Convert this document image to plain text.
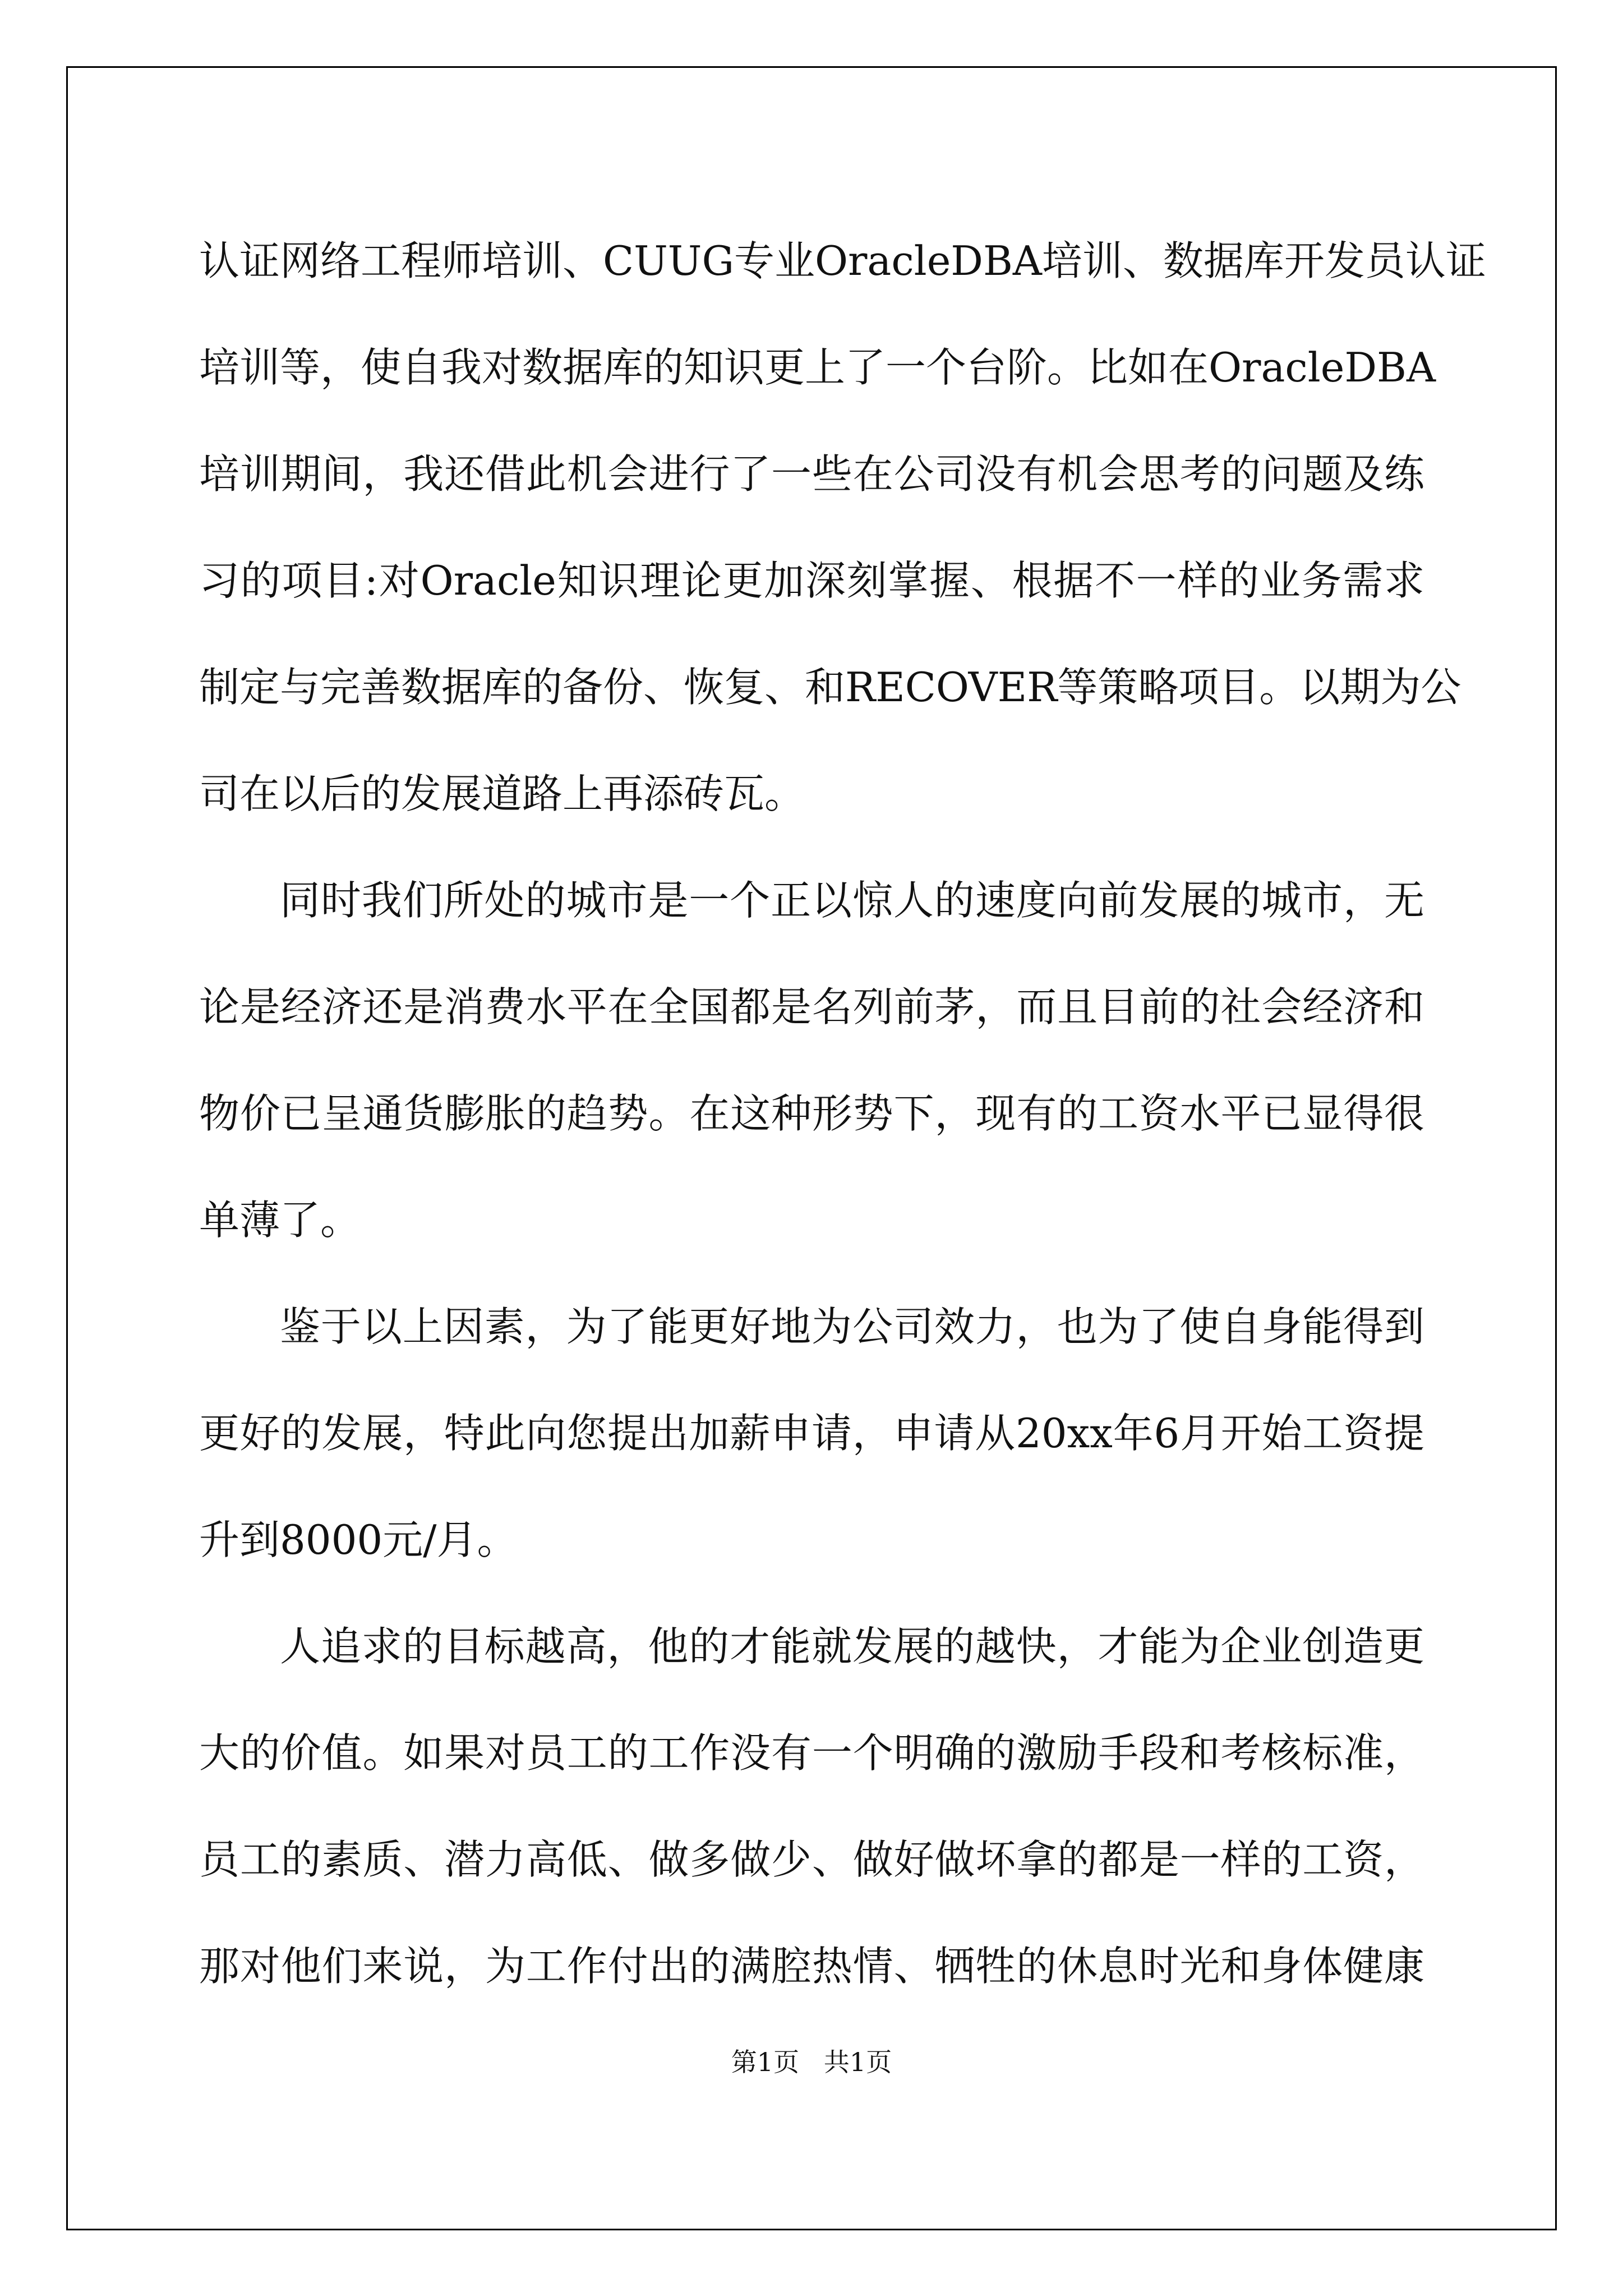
认证网络工程师培训、CUUG专业OracleDBA培训、数据库开发员认证
培训等，使自我对数据库的知识更上了一个台阶。比如在OracleDBA
培训期间，我还借此机会进行了一些在公司没有机会思考的问题及练
习的项目:对Oracle知识理论更加深刻掌握、根据不一样的业务需求
制定与完善数据库的备份、恢复、和RECOVER等策略项目。以期为公
司在以后的发展道路上再添砖瓦。
同时我们所处的城市是一个正以惊人的速度向前发展的城市，无
论是经济还是消费水平在全国都是名列前茅，而且目前的社会经济和
物价已呈通货膨胀的趋势。在这种形势下，现有的工资水平已显得很
单薄了。
鉴于以上因素，为了能更好地为公司效力，也为了使自身能得到
更好的发展，特此向您提出加薪申请，申请从20xx年6月开始工资提
升到8000元/月。
人追求的目标越高，他的才能就发展的越快，才能为企业创造更
大的价值。如果对员工的工作没有一个明确的激励手段和考核标准，
员工的素质、潜力高低、做多做少、做好做坏拿的都是一样的工资，
那对他们来说，为工作付出的满腔热情、牺牲的休息时光和身体健康
第1页   共1页
